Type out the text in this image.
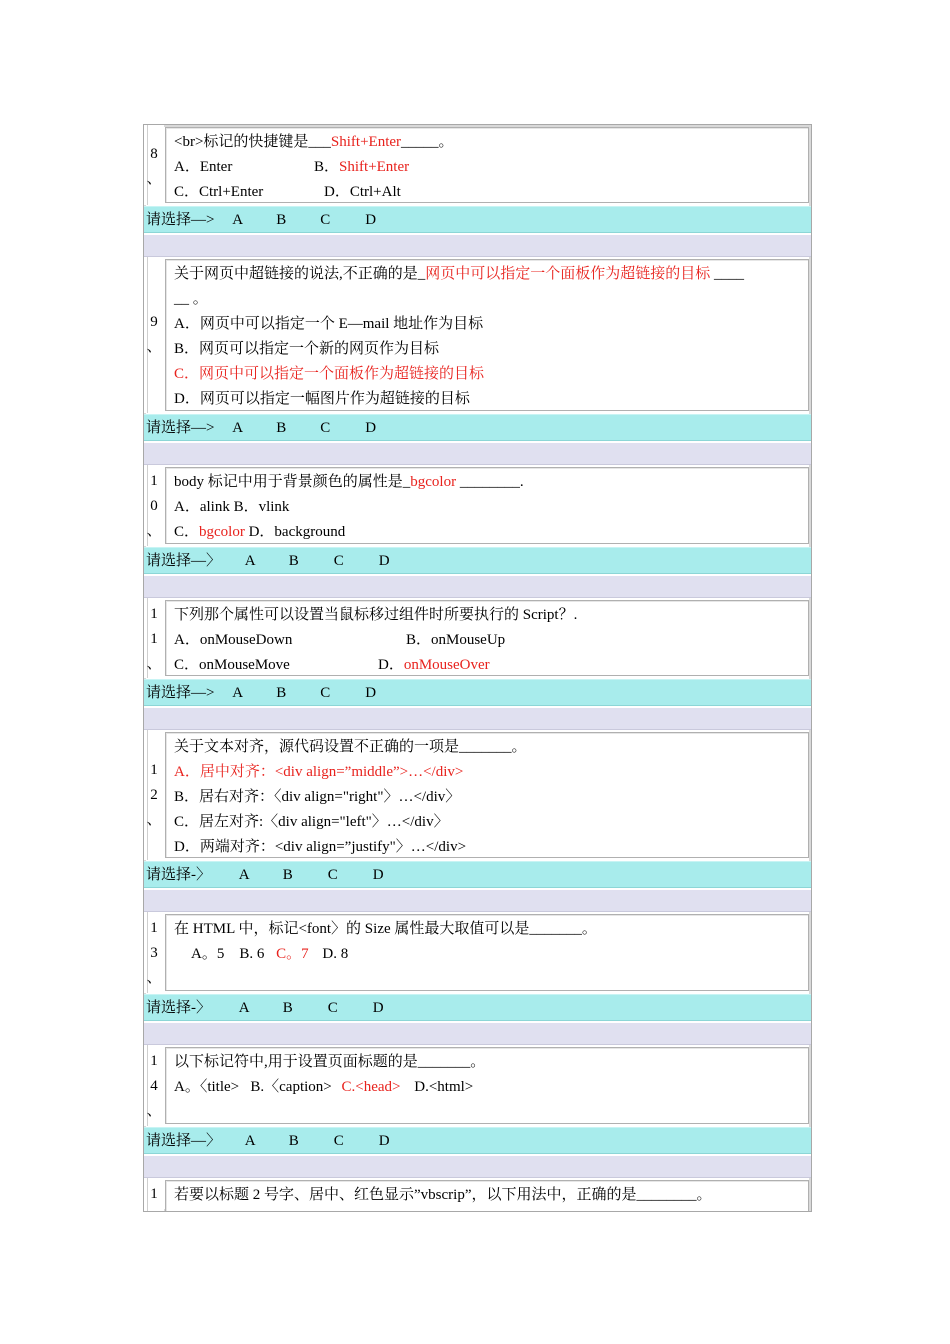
8
、
<br>标记的快捷键是___Shift+Enter_____。
A．Enter	B．Shift+Enter
C．Ctrl+Enter	D．Ctrl+Alt
请选择—> A B C D
9
、
关于网页中超链接的说法,不正确的是_网页中可以指定一个面板作为超链接的目标 ____
__ 。
A．网页中可以指定一个 E—mail 地址作为目标
B．网页可以指定一个新的网页作为目标
C．网页中可以指定一个面板作为超链接的目标
D．网页可以指定一幅图片作为超链接的目标
请选择—> A B C D
1
0
、
body 标记中用于背景颜色的属性是_bgcolor ________.
A．alink B．vlink
C．bgcolor D．background
请选择—〉 A B C D
1
1
、
下列那个属性可以设置当鼠标移过组件时所要执行的 Script？.
A．onMouseDown	B．onMouseUp
C．onMouseMove	D．onMouseOver
请选择—> A B C D
1
2
、
关于文本对齐，源代码设置不正确的一项是_______。
A．居中对齐：<div align=”middle”>…</div>
B．居右对齐：〈div align="right"〉…</div〉
C．居左对齐:〈div align="left"〉…</div〉
D．两端对齐：<div align=”justify"〉…</div>
请选择-〉 A B C D
1
3
、
在 HTML 中，标记<font〉的 Size 属性最大取值可以是_______。
A。5    B. 6 C。7 D. 8
请选择-〉 A B C D
1
4
、
以下标记符中,用于设置页面标题的是_______。
A。〈title>   B.〈caption> C.<head> D.<html>
请选择—〉 A B C D
1	若要以标题 2 号字、居中、红色显示”vbscrip”，以下用法中，正确的是________。
